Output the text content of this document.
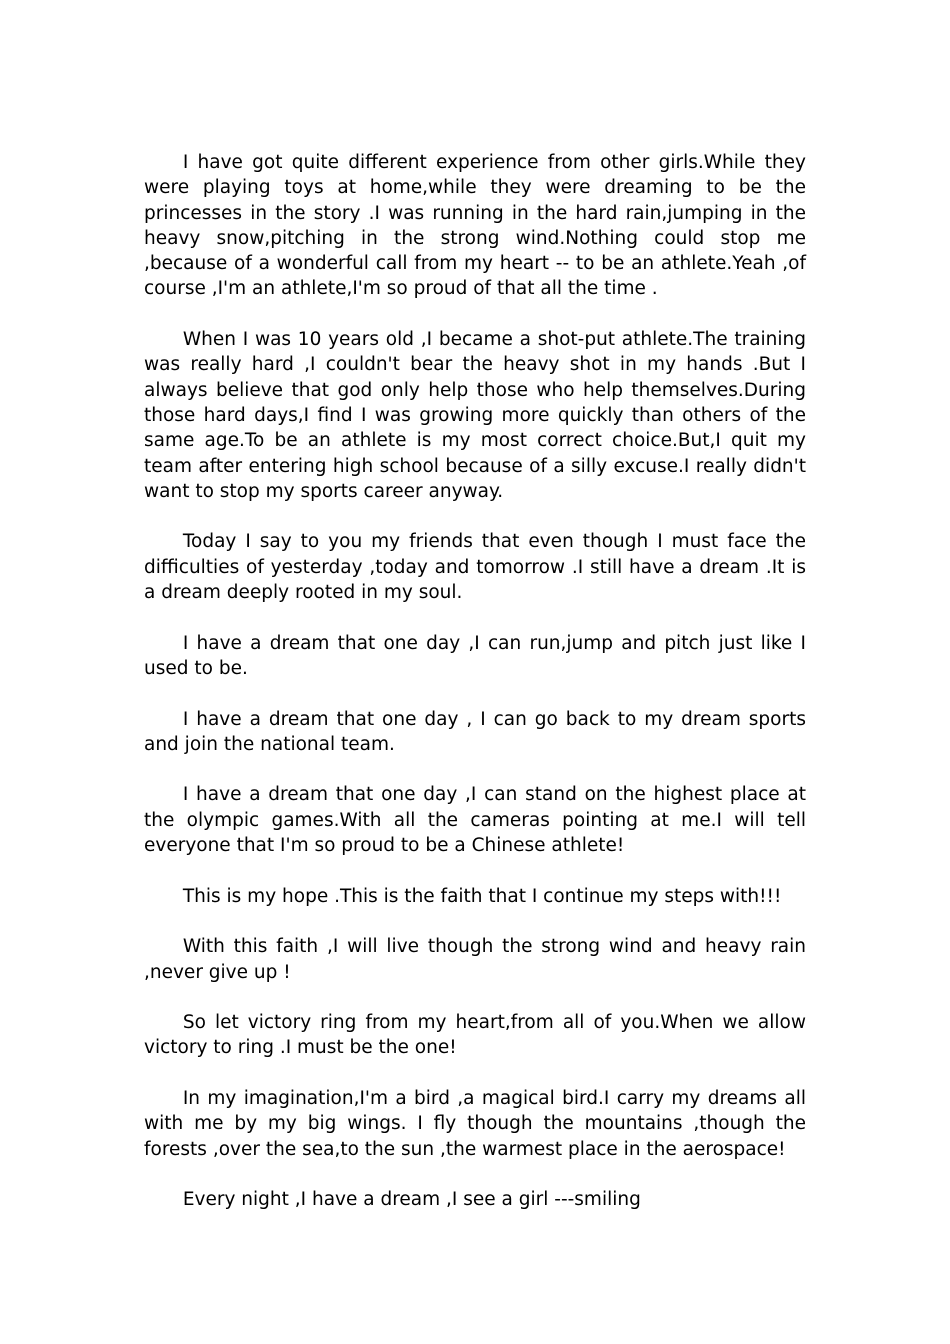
I have got quite different experience from other girls.While they were playing toys at home,while they were dreaming to be the princesses in the story .I was running in the hard rain,jumping in the heavy snow,pitching in the strong wind.Nothing could stop me ,because of a wonderful call from my heart -- to be an athlete.Yeah ,of course ,I'm an athlete,I'm so proud of that all the time .

When I was 10 years old ,I became a shot-put athlete.The training was really hard ,I couldn't bear the heavy shot in my hands .But I always believe that god only help those who help themselves.During those hard days,I find I was growing more quickly than others of the same age.To be an athlete is my most correct choice.But,I quit my team after entering high school because of a silly excuse.I really didn't want to stop my sports career anyway.

Today I say to you my friends that even though I must face the difficulties of yesterday ,today and tomorrow .I still have a dream .It is a dream deeply rooted in my soul.

I have a dream that one day ,I can run,jump and pitch just like I used to be.

I have a dream that one day , I can go back to my dream sports and join the national team.

I have a dream that one day ,I can stand on the highest place at the olympic games.With all the cameras pointing at me.I will tell everyone that I'm so proud to be a Chinese athlete!

This is my hope .This is the faith that I continue my steps with!!!

With this faith ,I will live though the strong wind and heavy rain ,never give up !

So let victory ring from my heart,from all of you.When we allow victory to ring .I must be the one!

In my imagination,I'm a bird ,a magical bird.I carry my dreams all with me by my big wings. I fly though the mountains ,though the forests ,over the sea,to the sun ,the warmest place in the aerospace!

Every night ,I have a dream ,I see a girl ---smiling
